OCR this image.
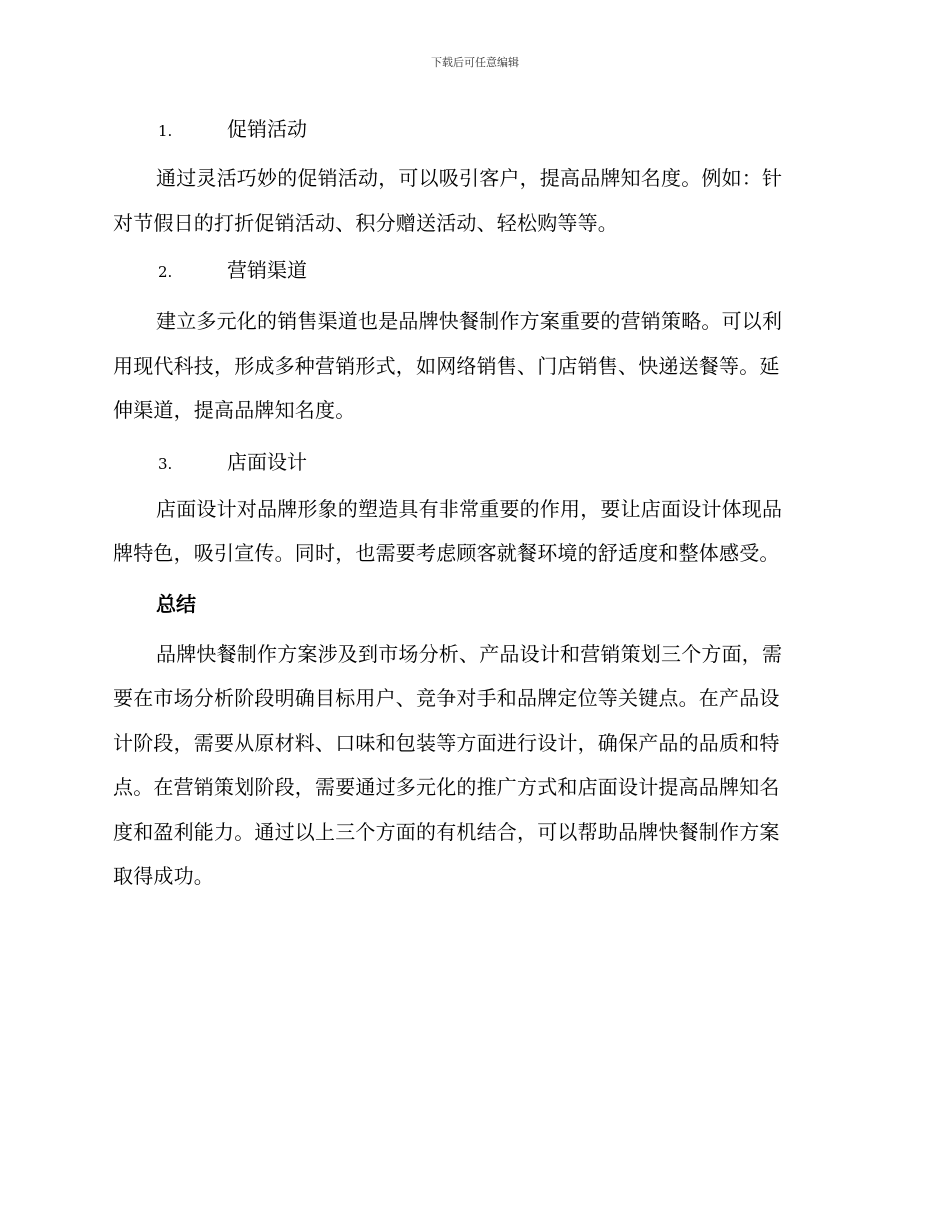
下载后可任意编辑
1.	促销活动
通过灵活巧妙的促销活动，可以吸引客户，提高品牌知名度。例如：针
对节假日的打折促销活动、积分赠送活动、轻松购等等。
2.	营销渠道
建立多元化的销售渠道也是品牌快餐制作方案重要的营销策略。可以利
用现代科技，形成多种营销形式，如网络销售、门店销售、快递送餐等。延
伸渠道，提高品牌知名度。
3.	店面设计
店面设计对品牌形象的塑造具有非常重要的作用，要让店面设计体现品
牌特色，吸引宣传。同时，也需要考虑顾客就餐环境的舒适度和整体感受。
总结
品牌快餐制作方案涉及到市场分析、产品设计和营销策划三个方面，需
要在市场分析阶段明确目标用户、竞争对手和品牌定位等关键点。在产品设
计阶段，需要从原材料、口味和包装等方面进行设计，确保产品的品质和特
点。在营销策划阶段，需要通过多元化的推广方式和店面设计提高品牌知名
度和盈利能力。通过以上三个方面的有机结合，可以帮助品牌快餐制作方案
取得成功。
